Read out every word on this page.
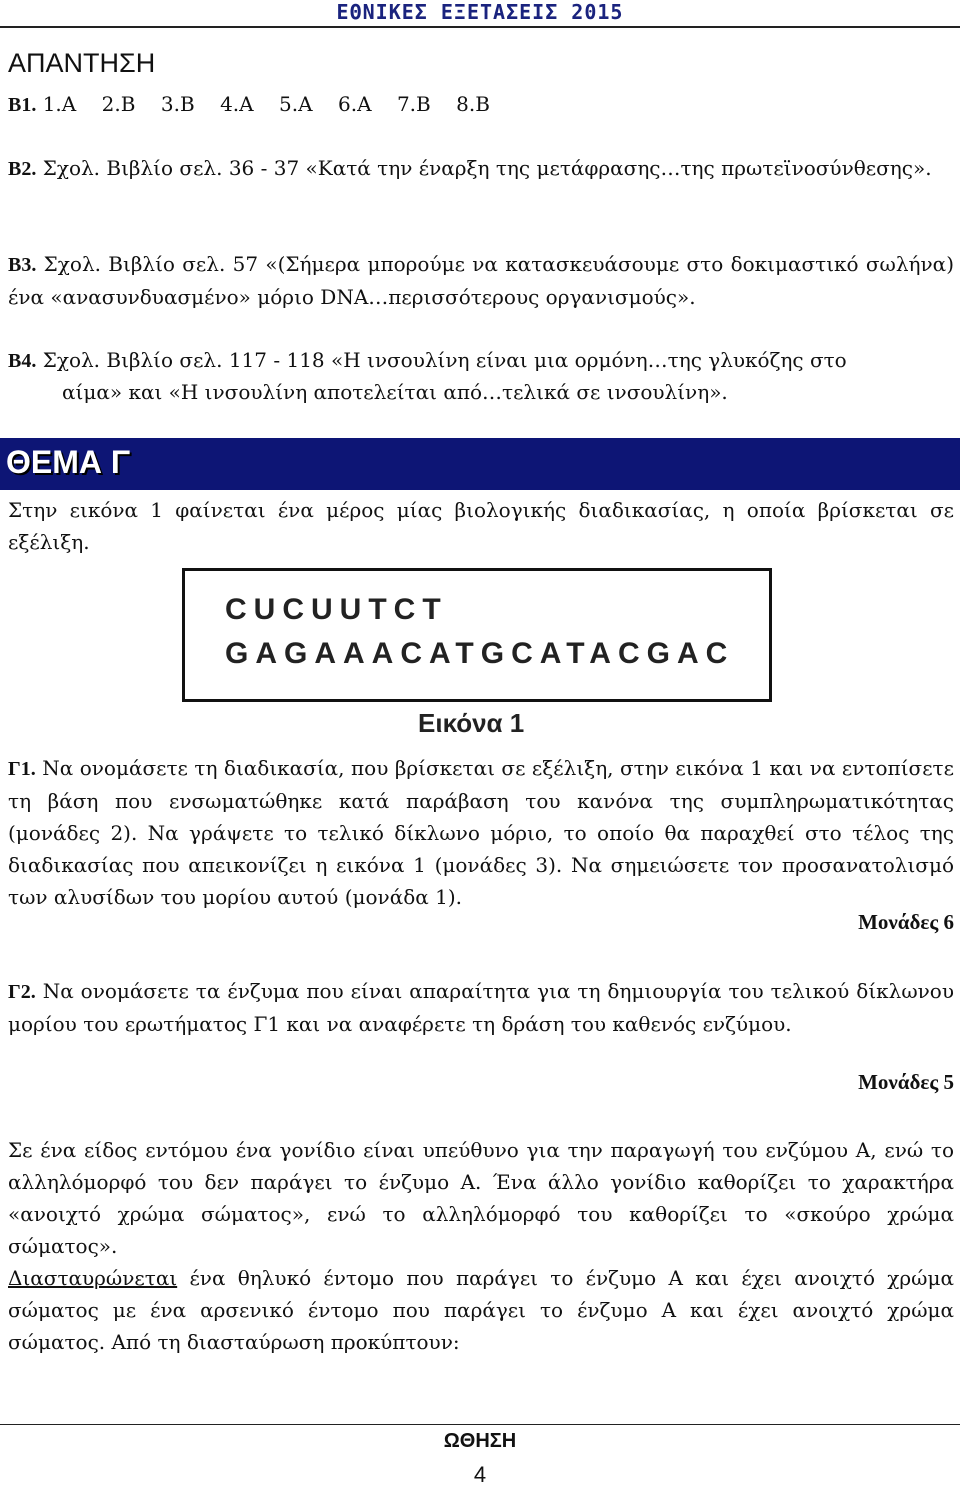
ΕΘΝΙΚΕΣ ΕΞΕΤΑΣΕΙΣ 2015
ΑΠΑΝΤΗΣΗ

Β1. 1.Α    2.Β    3.Β    4.Α    5.Α    6.Α    7.Β    8.Β

Β2. Σχολ. Βιβλίο σελ. 36 - 37 «Κατά την έναρξη της μετάφρασης…της πρωτεϊνοσύνθεσης».

Β3. Σχολ. Βιβλίο σελ. 57 «(Σήμερα μπορούμε να κατασκευάσουμε στο δοκιμαστικό σωλήνα) ένα «ανασυνδυασμένο» μόριο DNA…περισσότερους οργανισμούς».

Β4. Σχολ. Βιβλίο σελ. 117 - 118 «Η ινσουλίνη είναι μια ορμόνη…της γλυκόζης στο

αίμα» και «Η ινσουλίνη αποτελείται από…τελικά σε ινσουλίνη».

ΘΕΜΑ Γ

Στην εικόνα 1 φαίνεται ένα μέρος μίας βιολογικής διαδικασίας, η οποία βρίσκεται σε εξέλιξη.

CUCUUTCT
GAGAAACATGCATACGAC
Εικόνα 1

Γ1. Να ονομάσετε τη διαδικασία, που βρίσκεται σε εξέλιξη, στην εικόνα 1 και να εντοπίσετε τη βάση που ενσωματώθηκε κατά παράβαση του κανόνα της συμπληρωματικότητας (μονάδες 2). Να γράψετε το τελικό δίκλωνο μόριο, το οποίο θα παραχθεί στο τέλος της διαδικασίας που απεικονίζει η εικόνα 1 (μονάδες 3). Να σημειώσετε τον προσανατολισμό των αλυσίδων του μορίου αυτού (μονάδα 1).

Μονάδες 6

Γ2. Να ονομάσετε τα ένζυμα που είναι απαραίτητα για τη δημιουργία του τελικού δίκλωνου μορίου του ερωτήματος Γ1 και να αναφέρετε τη δράση του καθενός ενζύμου.

Μονάδες 5

Σε ένα είδος εντόμου ένα γονίδιο είναι υπεύθυνο για την παραγωγή του ενζύμου Α, ενώ το αλληλόμορφό του δεν παράγει το ένζυμο Α. Ένα άλλο γονίδιο καθορίζει το χαρακτήρα «ανοιχτό χρώμα σώματος», ενώ το αλληλόμορφό του καθορίζει το «σκούρο χρώμα σώματος».

Διασταυρώνεται ένα θηλυκό έντομο που παράγει το ένζυμο Α και έχει ανοιχτό χρώμα σώματος με ένα αρσενικό έντομο που παράγει το ένζυμο Α και έχει ανοιχτό χρώμα σώματος. Από τη διασταύρωση προκύπτουν:

ΩΘΗΣΗ
4
